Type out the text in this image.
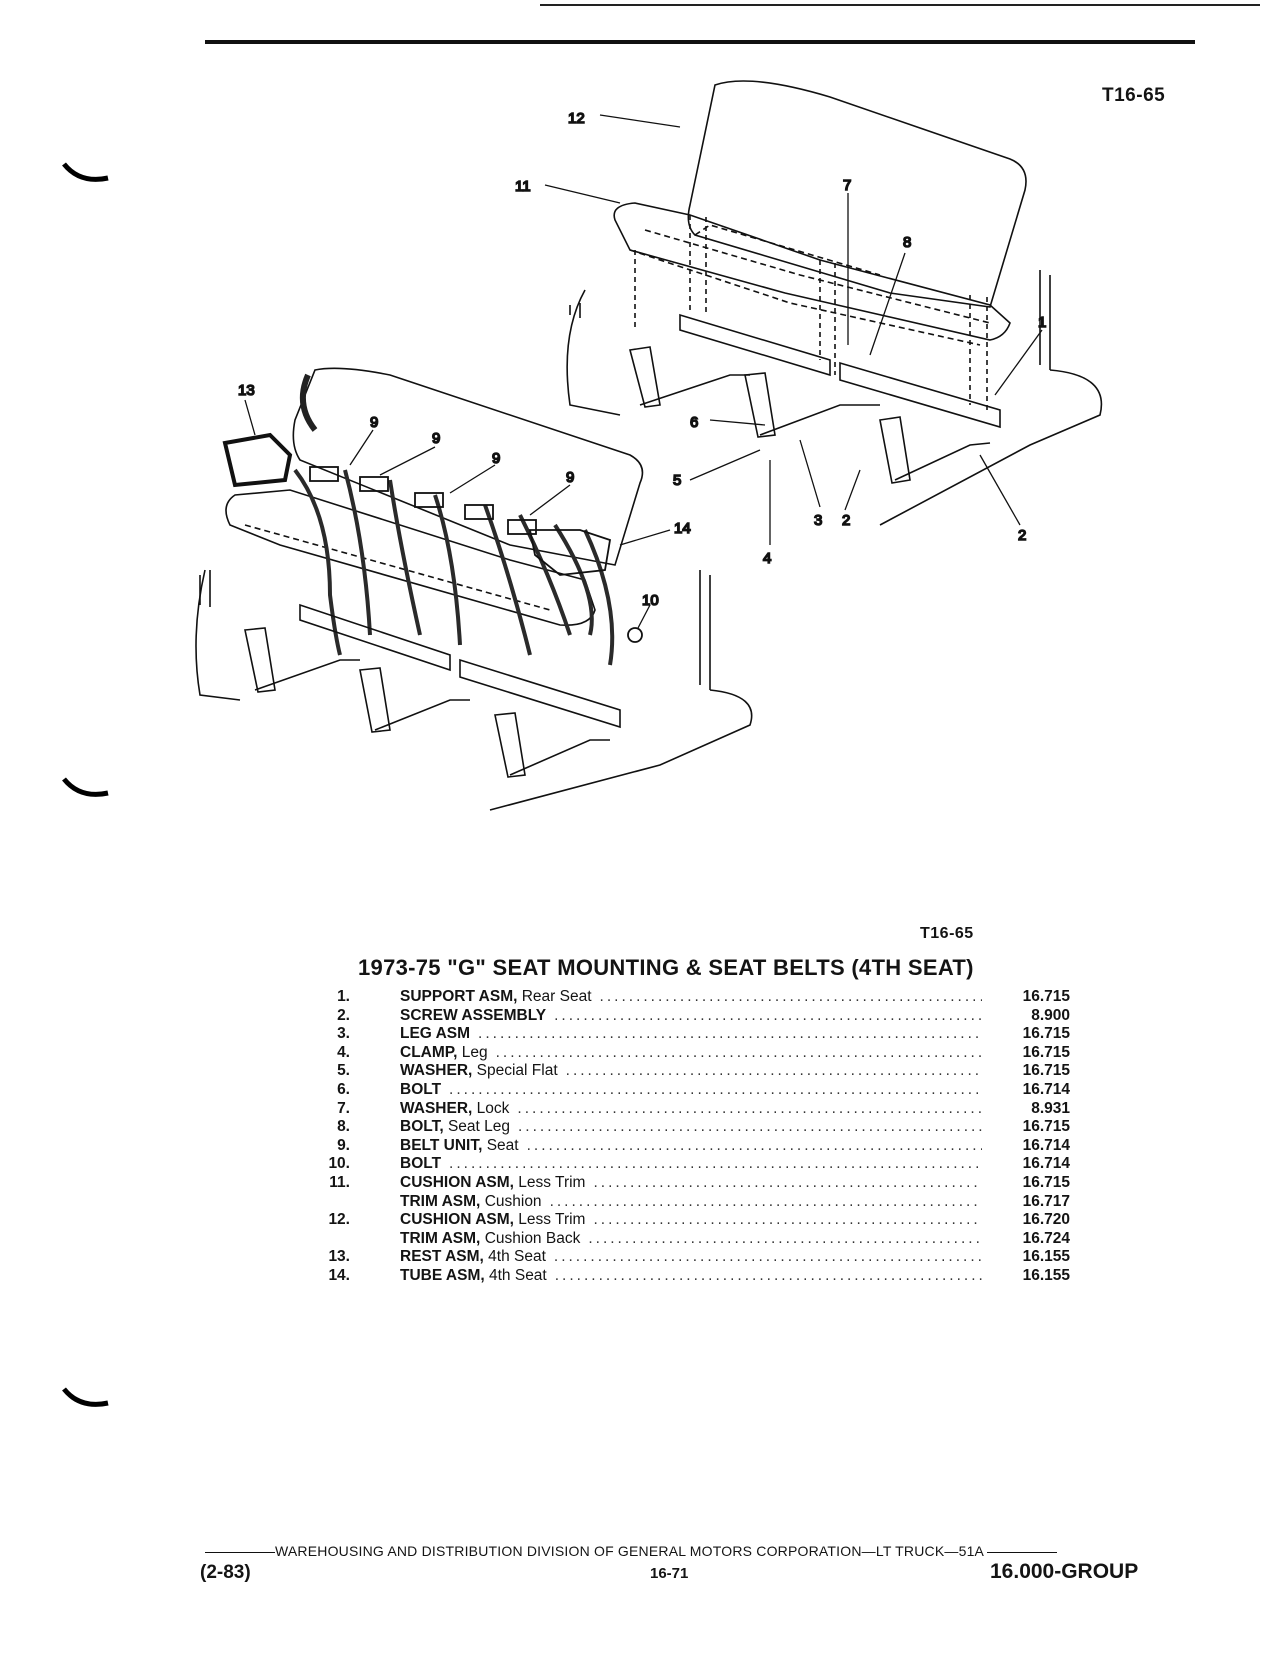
T16-65
12
11	7
8
1
6
5
4
3 2
2
13
9
9
9
9
14
10
T16-65
1973-75 "G" SEAT MOUNTING & SEAT BELTS (4TH SEAT)
1.	SUPPORT ASM, Rear Seat .....	16.715
2.	SCREW ASSEMBLY .....	8.900
3.	LEG ASM .....	16.715
4.	CLAMP, Leg .....	16.715
5.	WASHER, Special Flat .....	16.715
6.	BOLT .....	16.714
7.	WASHER, Lock .....	8.931
8.	BOLT, Seat Leg .....	16.715
9.	BELT UNIT, Seat .....	16.714
10.	BOLT .....	16.714
11.	CUSHION ASM, Less Trim .....	16.715
TRIM ASM, Cushion .....	16.717
12.	CUSHION ASM, Less Trim .....	16.720
TRIM ASM, Cushion Back .....	16.724
13.	REST ASM, 4th Seat .....	16.155
14.	TUBE ASM, 4th Seat .....	16.155
WAREHOUSING AND DISTRIBUTION DIVISION OF GENERAL MOTORS CORPORATION—LT TRUCK—51A
(2-83)	16-71	16.000-GROUP
